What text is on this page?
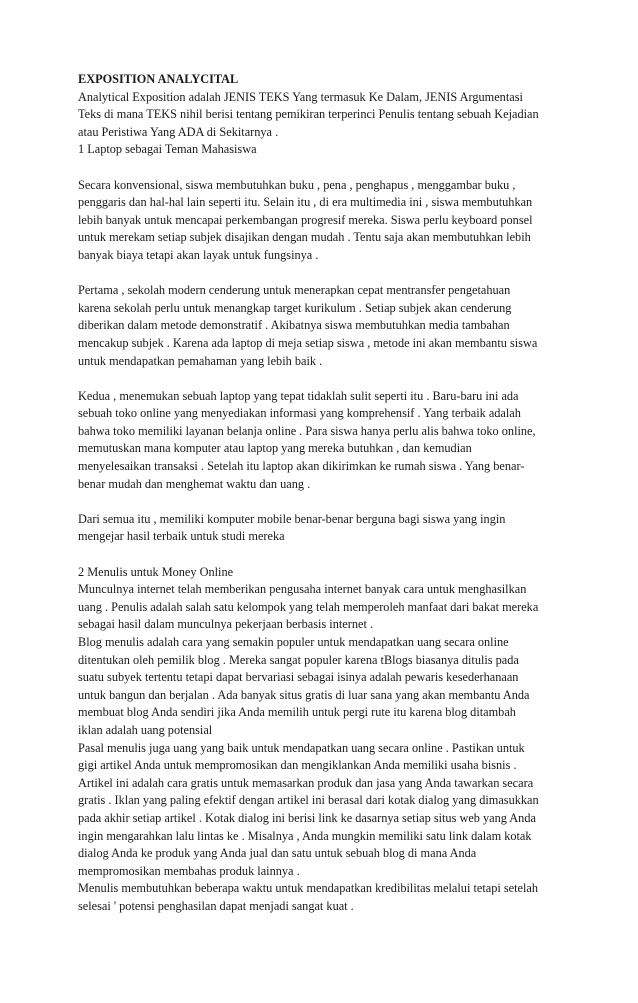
EXPOSITION ANALYCITAL
Analytical Exposition adalah JENIS TEKS Yang termasuk Ke Dalam, JENIS Argumentasi
Teks di mana TEKS nihil berisi tentang pemikiran terperinci Penulis tentang sebuah Kejadian
atau Peristiwa Yang ADA di Sekitarnya .
1 Laptop sebagai Teman Mahasiswa
Secara konvensional, siswa membutuhkan buku , pena , penghapus , menggambar buku ,
penggaris dan hal-hal lain seperti itu. Selain itu , di era multimedia ini , siswa membutuhkan
lebih banyak untuk mencapai perkembangan progresif mereka. Siswa perlu keyboard ponsel
untuk merekam setiap subjek disajikan dengan mudah . Tentu saja akan membutuhkan lebih
banyak biaya tetapi akan layak untuk fungsinya .
Pertama , sekolah modern cenderung untuk menerapkan cepat mentransfer pengetahuan
karena sekolah perlu untuk menangkap target kurikulum . Setiap subjek akan cenderung
diberikan dalam metode demonstratif . Akibatnya siswa membutuhkan media tambahan
mencakup subjek . Karena ada laptop di meja setiap siswa , metode ini akan membantu siswa
untuk mendapatkan pemahaman yang lebih baik .
Kedua , menemukan sebuah laptop yang tepat tidaklah sulit seperti itu . Baru-baru ini ada
sebuah toko online yang menyediakan informasi yang komprehensif . Yang terbaik adalah
bahwa toko memiliki layanan belanja online . Para siswa hanya perlu alis bahwa toko online,
memutuskan mana komputer atau laptop yang mereka butuhkan , dan kemudian
menyelesaikan transaksi . Setelah itu laptop akan dikirimkan ke rumah siswa . Yang benar-
benar mudah dan menghemat waktu dan uang .
Dari semua itu , memiliki komputer mobile benar-benar berguna bagi siswa yang ingin
mengejar hasil terbaik untuk studi mereka
2 Menulis untuk Money Online
Munculnya internet telah memberikan pengusaha internet banyak cara untuk menghasilkan
uang . Penulis adalah salah satu kelompok yang telah memperoleh manfaat dari bakat mereka
sebagai hasil dalam munculnya pekerjaan berbasis internet .
Blog menulis adalah cara yang semakin populer untuk mendapatkan uang secara online
ditentukan oleh pemilik blog . Mereka sangat populer karena tBlogs biasanya ditulis pada
suatu subyek tertentu tetapi dapat bervariasi sebagai isinya adalah pewaris kesederhanaan
untuk bangun dan berjalan . Ada banyak situs gratis di luar sana yang akan membantu Anda
membuat blog Anda sendiri jika Anda memilih untuk pergi rute itu karena blog ditambah
iklan adalah uang potensial
Pasal menulis juga uang yang baik untuk mendapatkan uang secara online . Pastikan untuk
gigi artikel Anda untuk mempromosikan dan mengiklankan Anda memiliki usaha bisnis .
Artikel ini adalah cara gratis untuk memasarkan produk dan jasa yang Anda tawarkan secara
gratis . Iklan yang paling efektif dengan artikel ini berasal dari kotak dialog yang dimasukkan
pada akhir setiap artikel . Kotak dialog ini berisi link ke dasarnya setiap situs web yang Anda
ingin mengarahkan lalu lintas ke . Misalnya , Anda mungkin memiliki satu link dalam kotak
dialog Anda ke produk yang Anda jual dan satu untuk sebuah blog di mana Anda
mempromosikan membahas produk lainnya .
Menulis membutuhkan beberapa waktu untuk mendapatkan kredibilitas melalui tetapi setelah
selesai ' potensi penghasilan dapat menjadi sangat kuat .
